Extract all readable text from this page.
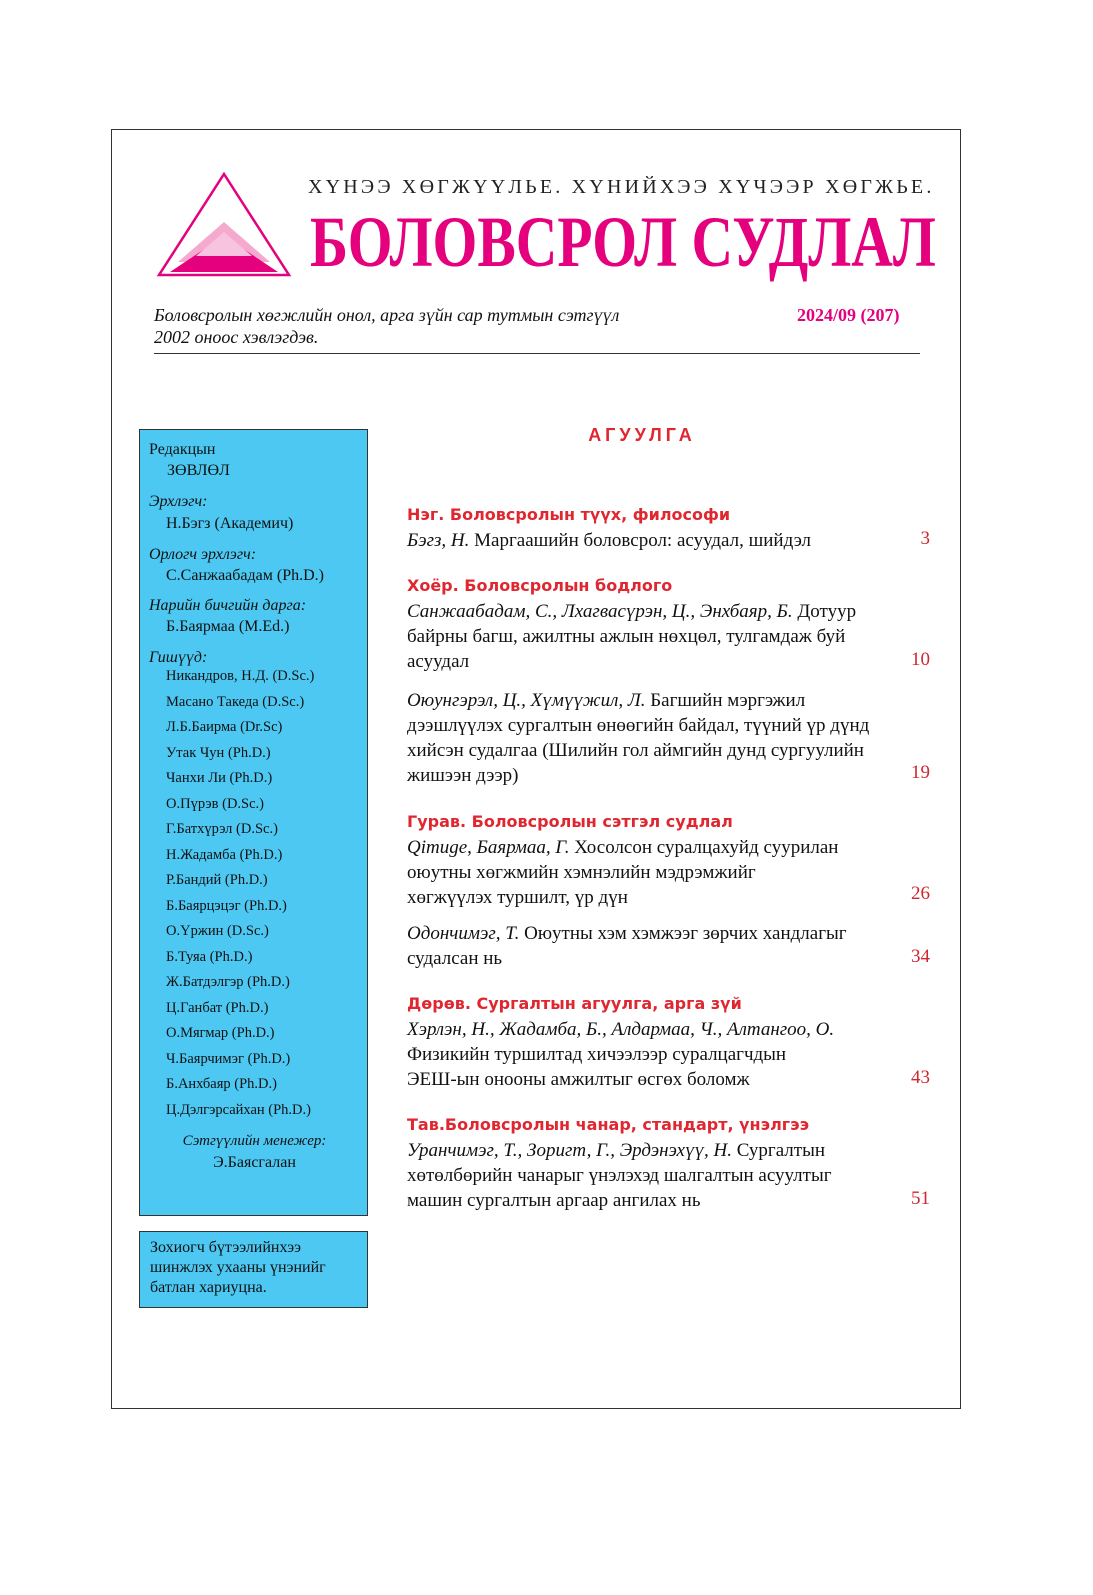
ХҮНЭЭ ХӨГЖҮҮЛЬЕ. ХҮНИЙХЭЭ ХҮЧЭЭР ХӨГЖЬЕ.
БОЛОВСРОЛ СУДЛАЛ
Боловсролын хөгжлийн онол, арга зүйн сар тутмын сэтгүүл
2002 оноос хэвлэгдэв.
2024/09 (207)
Редакцын
ЗӨВЛӨЛ
Эрхлэгч:
Н.Бэгз (Академич)
Орлогч эрхлэгч:
С.Санжаабадам (Ph.D.)
Нарийн бичгийн дарга:
Б.Баярмаа (M.Ed.)
Гишүүд:
Сэтгүүлийн менежер:
Э.Баясгалан
Никандров, Н.Д. (D.Sc.)
Масано Такеда (D.Sc.)
Л.Б.Баирма (Dr.Sc)
Утак Чун (Ph.D.)
Чанхи Ли (Ph.D.)
О.Пүрэв (D.Sc.)
Г.Батхүрэл (D.Sc.)
Н.Жадамба (Ph.D.)
Р.Бандий (Ph.D.)
Б.Баярцэцэг (Ph.D.)
О.Үржин (D.Sc.)
Б.Туяа (Ph.D.)
Ж.Батдэлгэр (Ph.D.)
Ц.Ганбат (Ph.D.)
О.Мягмар (Ph.D.)
Ч.Баярчимэг (Ph.D.)
Б.Анхбаяр (Ph.D.)
Ц.Дэлгэрсайхан (Ph.D.)
Зохиогч бүтээлийнхээ
шинжлэх ухааны үнэнийг
батлан хариуцна.
АГУУЛГА
Нэг. Боловсролын түүх, философи
Бэгз, Н. Маргаашийн боловсрол: асуудал, шийдэл	3
Хоёр. Боловсролын бодлого
Санжаабадам, С., Лхагвасүрэн, Ц., Энхбаяр, Б. Дотуур
байрны багш, ажилтны ажлын нөхцөл, тулгамдаж буй
асуудал	10
Оюунгэрэл, Ц., Хүмүүжил, Л. Багшийн мэргэжил
дээшлүүлэх сургалтын өнөөгийн байдал, түүний үр дүнд
хийсэн судалгаа (Шилийн гол аймгийн дунд сургуулийн
жишээн дээр)	19
Гурав. Боловсролын сэтгэл судлал
Qimuge, Баярмаа, Г. Хосолсон суралцахуйд суурилан
оюутны хөгжмийн хэмнэлийн мэдрэмжийг
хөгжүүлэх туршилт, үр дүн	26
Одончимэг, Т. Оюутны хэм хэмжээг зөрчих хандлагыг
судалсан нь	34
Дөрөв. Сургалтын агуулга, арга зүй
Хэрлэн, Н., Жадамба, Б., Алдармаа, Ч., Алтангоо, О.
Физикийн туршилтад хичээлээр суралцагчдын
ЭЕШ-ын онооны амжилтыг өсгөх боломж	43
Тав.Боловсролын чанар, стандарт, үнэлгээ
Уранчимэг, Т., Зоригт, Г., Эрдэнэхүү, Н. Сургалтын
хөтөлбөрийн чанарыг үнэлэхэд шалгалтын асуултыг
машин сургалтын аргаар ангилах нь	51
